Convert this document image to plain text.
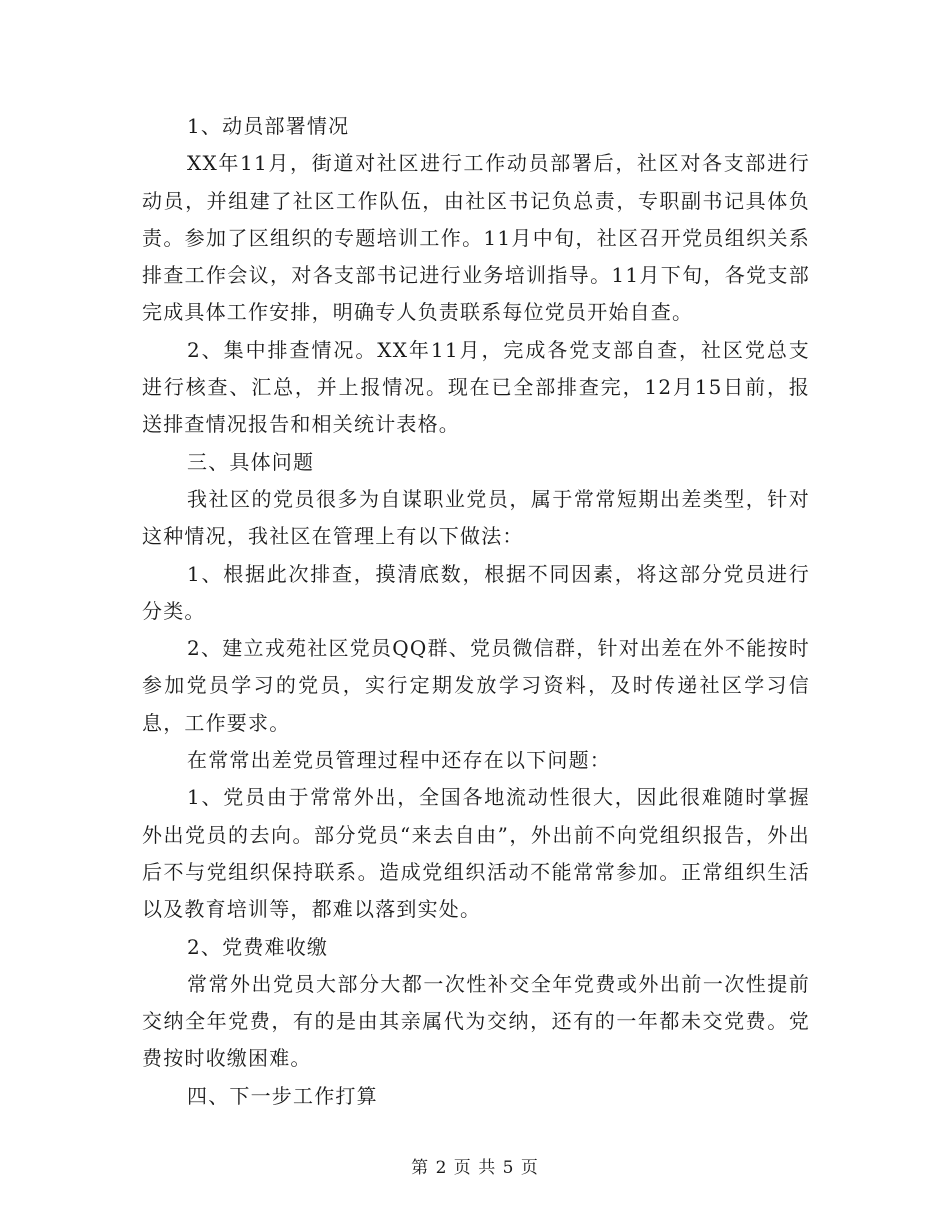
1、动员部署情况

XX年11月，街道对社区进行工作动员部署后，社区对各支部进行动员，并组建了社区工作队伍，由社区书记负总责，专职副书记具体负责。参加了区组织的专题培训工作。11月中旬，社区召开党员组织关系排查工作会议，对各支部书记进行业务培训指导。11月下旬，各党支部完成具体工作安排，明确专人负责联系每位党员开始自查。

2、集中排查情况。XX年11月，完成各党支部自查，社区党总支进行核查、汇总，并上报情况。现在已全部排查完，12月15日前，报送排查情况报告和相关统计表格。

三、具体问题

我社区的党员很多为自谋职业党员，属于常常短期出差类型，针对这种情况，我社区在管理上有以下做法：

1、根据此次排查，摸清底数，根据不同因素，将这部分党员进行分类。

2、建立戎苑社区党员QQ群、党员微信群，针对出差在外不能按时参加党员学习的党员，实行定期发放学习资料，及时传递社区学习信息，工作要求。

在常常出差党员管理过程中还存在以下问题：

1、党员由于常常外出，全国各地流动性很大，因此很难随时掌握外出党员的去向。部分党员“来去自由”，外出前不向党组织报告，外出后不与党组织保持联系。造成党组织活动不能常常参加。正常组织生活以及教育培训等，都难以落到实处。

2、党费难收缴

常常外出党员大部分大都一次性补交全年党费或外出前一次性提前交纳全年党费，有的是由其亲属代为交纳，还有的一年都未交党费。党费按时收缴困难。

四、下一步工作打算

第 2 页 共 5 页
